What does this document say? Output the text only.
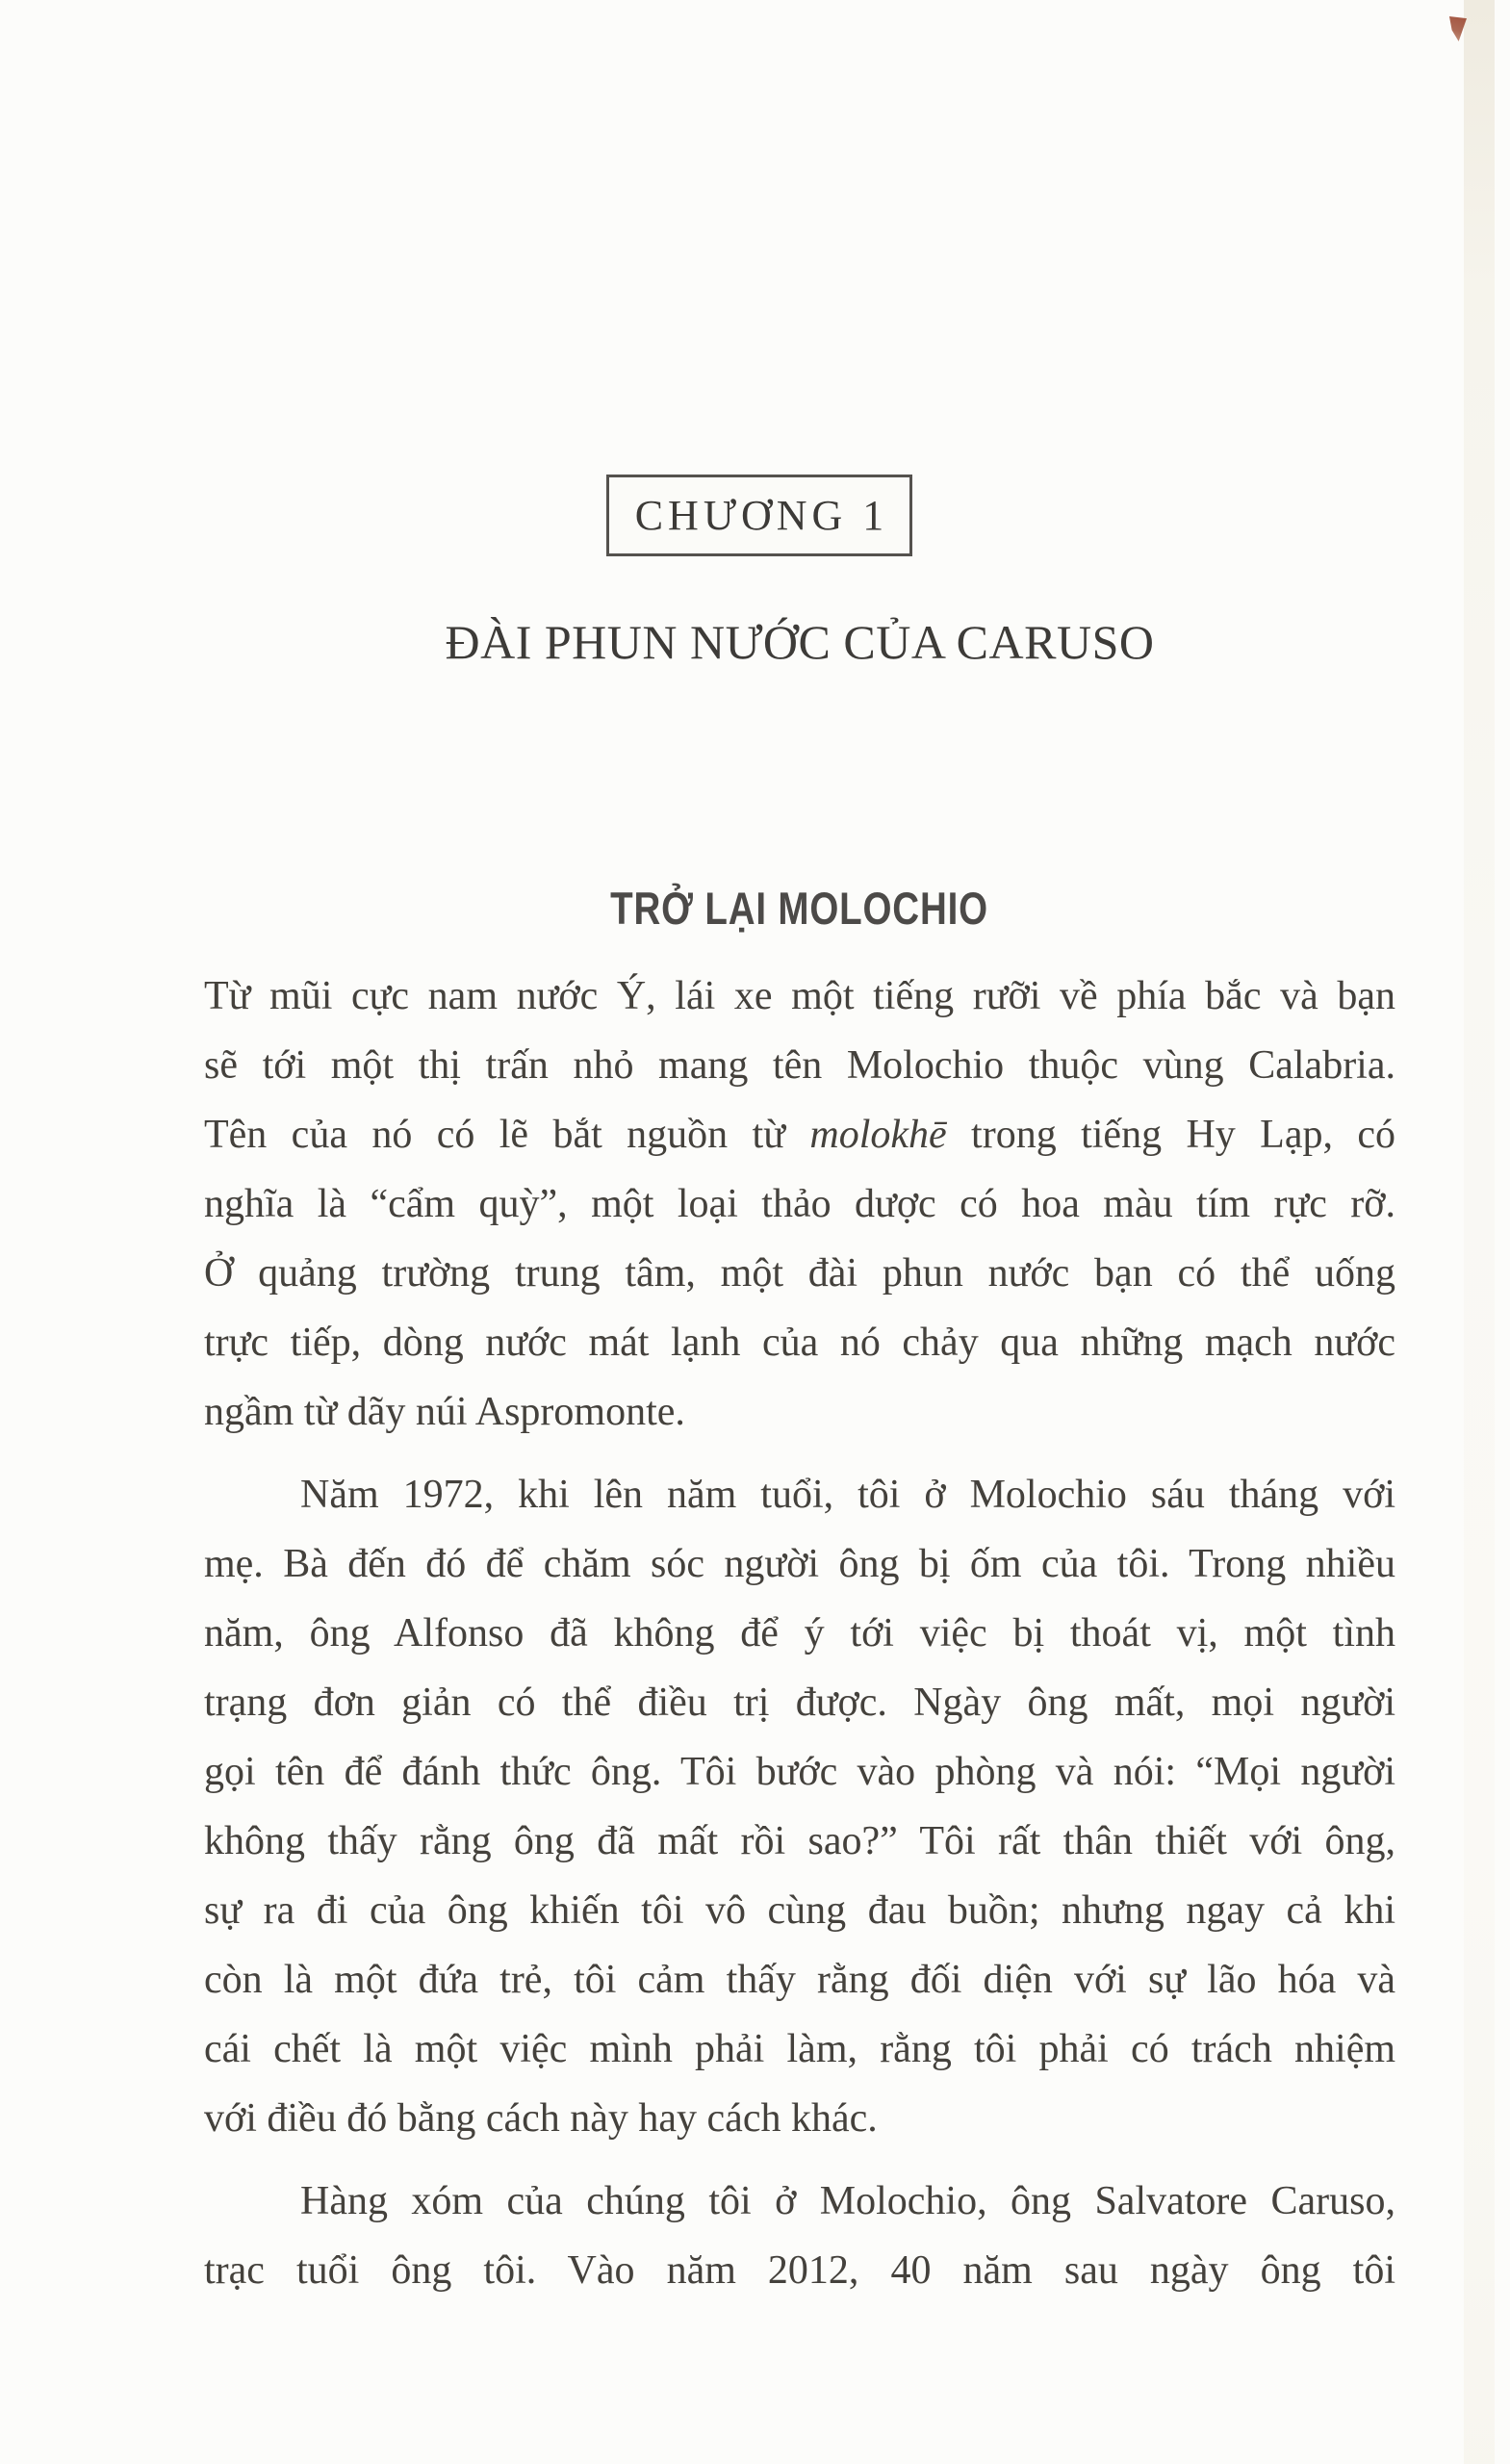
CHƯƠNG 1
ĐÀI PHUN NƯỚC CỦA CARUSO
TRỞ LẠI MOLOCHIO
Từ mũi cực nam nước Ý, lái xe một tiếng rưỡi về phía bắc và bạn
sẽ tới một thị trấn nhỏ mang tên Molochio thuộc vùng Calabria.
Tên của nó có lẽ bắt nguồn từ molokhē trong tiếng Hy Lạp, có
nghĩa là “cẩm quỳ”, một loại thảo dược có hoa màu tím rực rỡ.
Ở quảng trường trung tâm, một đài phun nước bạn có thể uống
trực tiếp, dòng nước mát lạnh của nó chảy qua những mạch nước
ngầm từ dãy núi Aspromonte.
Năm 1972, khi lên năm tuổi, tôi ở Molochio sáu tháng với
mẹ. Bà đến đó để chăm sóc người ông bị ốm của tôi. Trong nhiều
năm, ông Alfonso đã không để ý tới việc bị thoát vị, một tình
trạng đơn giản có thể điều trị được. Ngày ông mất, mọi người
gọi tên để đánh thức ông. Tôi bước vào phòng và nói: “Mọi người
không thấy rằng ông đã mất rồi sao?” Tôi rất thân thiết với ông,
sự ra đi của ông khiến tôi vô cùng đau buồn; nhưng ngay cả khi
còn là một đứa trẻ, tôi cảm thấy rằng đối diện với sự lão hóa và
cái chết là một việc mình phải làm, rằng tôi phải có trách nhiệm
với điều đó bằng cách này hay cách khác.
Hàng xóm của chúng tôi ở Molochio, ông Salvatore Caruso,
trạc tuổi ông tôi. Vào năm 2012, 40 năm sau ngày ông tôi
